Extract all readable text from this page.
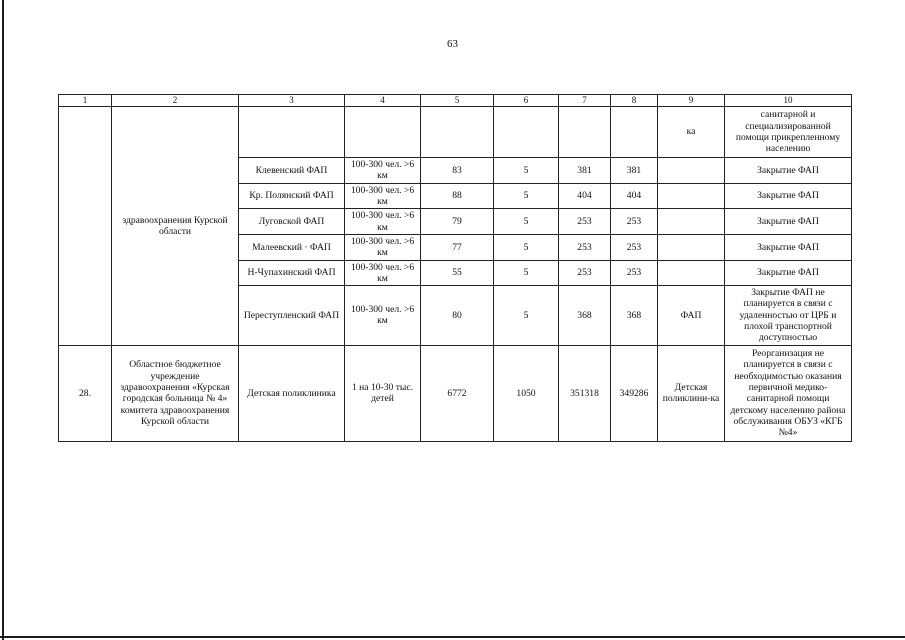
63
1	2	3	4	5	6	7	8	9	10
	здравоохранения Курской области							ка	санитарной и специализированной помощи прикрепленному населению
		Клевенский ФАП	100-300 чел. >6 км	83	5	381	381		Закрытие ФАП
		Кр. Полянский ФАП	100-300 чел. >6 км	88	5	404	404		Закрытие ФАП
		Луговской ФАП	100-300 чел. >6 км	79	5	253	253		Закрытие ФАП
		Малеевский · ФАП	100-300 чел. >6 км	77	5	253	253		Закрытие ФАП
		Н-Чупахинский ФАП	100-300 чел. >6 км	55	5	253	253		Закрытие ФАП
		Переступленский ФАП	100-300 чел. >6 км	80	5	368	368	ФАП	Закрытие ФАП не планируется в связи с удаленностью от ЦРБ и плохой транспортной доступностью
28.	Областное бюджетное учреждение здравоохранения «Курская городская больница № 4» комитета здравоохранения Курской области	Детская поликлиника	1 на 10-30 тыс. детей	6772	1050	351318	349286	Детская поликлини-ка	Реорганизация не планируется в связи с необходимостью оказания первичной медико-санитарной помощи детскому населению района обслуживания ОБУЗ «КГБ №4»
